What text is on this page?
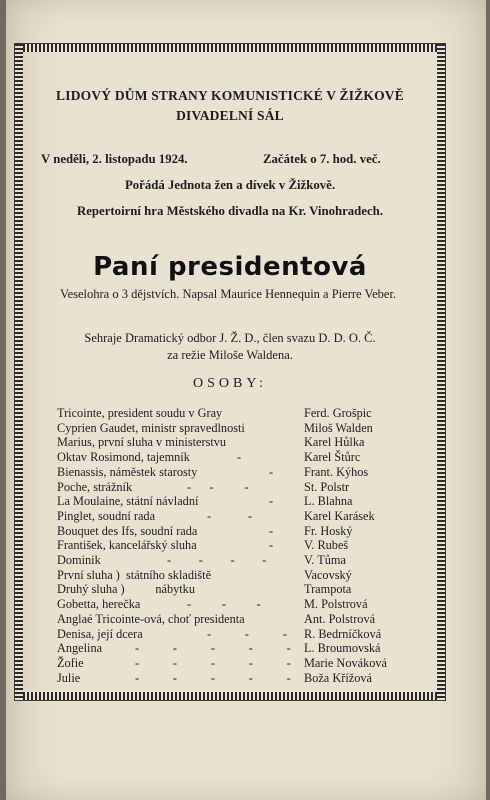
LIDOVÝ DŮM STRANY KOMUNISTICKÉ V ŽIŽKOVĚ
DIVADELNÍ SÁL
V neděli, 2. listopadu 1924.	Začátek o 7. hod. več.
Pořádá Jednota žen a dívek v Žižkově.
Repertoirní hra Městského divadla na Kr. Vinohradech.
Paní presidentová
Veselohra o 3 dějstvích. Napsal Maurice Hennequin a Pierre Veber.
Sehraje Dramatický odbor J. Ž. D., člen svazu D. D. O. Č.
za režie Miloše Waldena.
OSOBY:
Tricointe, president soudu v Gray	Ferd. Grošpic
Cyprien Gaudet, ministr spravedlnosti	Miloš Walden
Marius, první sluha v ministerstvu	Karel Hůlka
Oktav Rosimond, tajemník	-	Karel Štůrc
Bienassis, náměstek starosty	-	Frant. Kýhos
Poche, strážník	-      -          -	St. Polstr
La Moulaine, státní návladní	-	L. Blahna
Pinglet, soudní rada	-            -	Karel Karásek
Bouquet des Ifs, soudní rada	-	Fr. Hoský
František, kancelářský sluha	-	V. Rubeš
Dominik	-         -         -         -	V. Tůma
První sluha )  státního skladiště	Vacovský
Druhý sluha )          nábytku	Trampota
Gobetta, herečka	-          -          -	M. Polstrová
Anglaé Tricointe-ová, choť presidenta	Ant. Polstrová
Denisa, její dcera	-           -           - R. Bedrníčková
Angelina	-           -           -           -           - L. Broumovská
Žofie	-           -           -           -           - Marie Nováková
Julie	-           -           -           -           - Boža Křížová
